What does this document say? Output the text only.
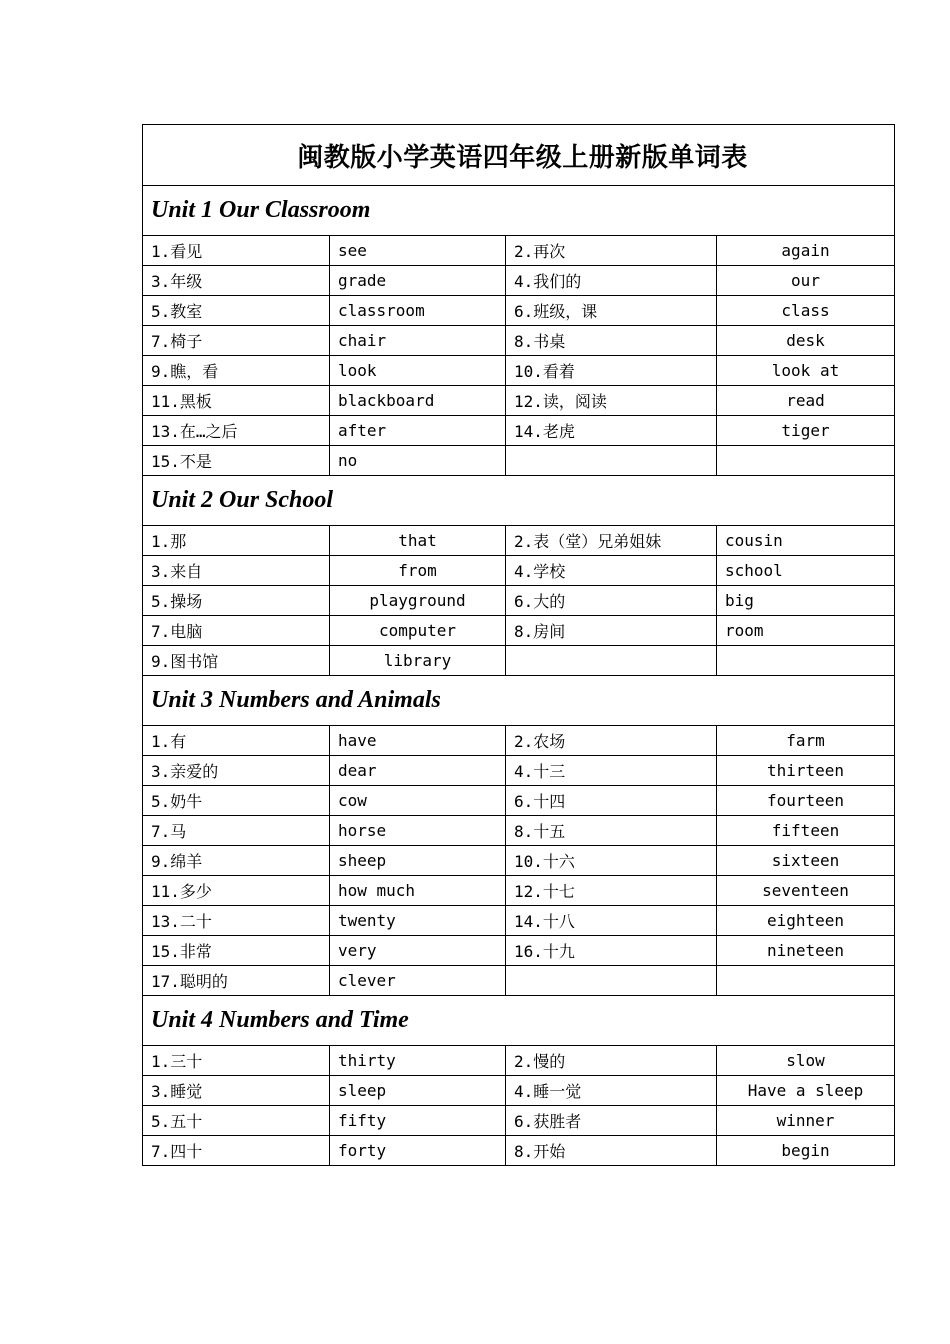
闽教版小学英语四年级上册新版单词表			
Unit 1 Our Classroom			
1.看见	see	2.再次	again
3.年级	grade	4.我们的	our
5.教室	classroom	6.班级，课	class
7.椅子	chair	8.书桌	desk
9.瞧，看	look	10.看着	look at
11.黑板	blackboard	12.读，阅读	read
13.在…之后	after	14.老虎	tiger
15.不是	no		
Unit 2 Our School			
1.那	that	2.表（堂）兄弟姐妹	cousin
3.来自	from	4.学校	school
5.操场	playground	6.大的	big
7.电脑	computer	8.房间	room
9.图书馆	library		
Unit 3 Numbers and Animals			
1.有	have	2.农场	farm
3.亲爱的	dear	4.十三	thirteen
5.奶牛	cow	6.十四	fourteen
7.马	horse	8.十五	fifteen
9.绵羊	sheep	10.十六	sixteen
11.多少	how much	12.十七	seventeen
13.二十	twenty	14.十八	eighteen
15.非常	very	16.十九	nineteen
17.聪明的	clever		
Unit 4 Numbers and Time			
1.三十	thirty	2.慢的	slow
3.睡觉	sleep	4.睡一觉	Have a sleep
5.五十	fifty	6.获胜者	winner
7.四十	forty	8.开始	begin
